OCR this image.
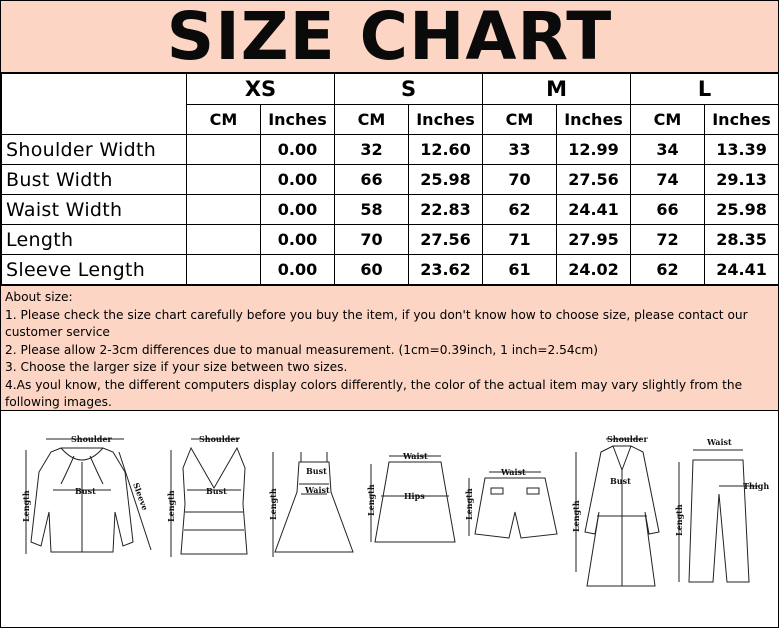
SIZE CHART
	XS		S		M		L	
	CM	Inches	CM	Inches	CM	Inches	CM	Inches
Shoulder Width		0.00	32	12.60	33	12.99	34	13.39
Bust Width		0.00	66	25.98	70	27.56	74	29.13
Waist Width		0.00	58	22.83	62	24.41	66	25.98
Length		0.00	70	27.56	71	27.95	72	28.35
Sleeve Length		0.00	60	23.62	61	24.02	62	24.41
About size:
1. Please check the size chart carefully before you buy the item, if you don't know how to choose size, please contact our customer service
2. Please allow 2-3cm differences due to manual measurement. (1cm=0.39inch, 1 inch=2.54cm)
3. Choose the larger size if your size between two sizes.
4.As youl know, the different computers display colors differently, the color of the actual item may vary slightly from the following images.
Shoulder
Length	Bust	Sleeve
Shoulder
Length	Bust	Length
Bust
Waist
Waist
Length	Hips
Waist
Length
Shoulder
Length
Bust
Waist
Length
Thigh
